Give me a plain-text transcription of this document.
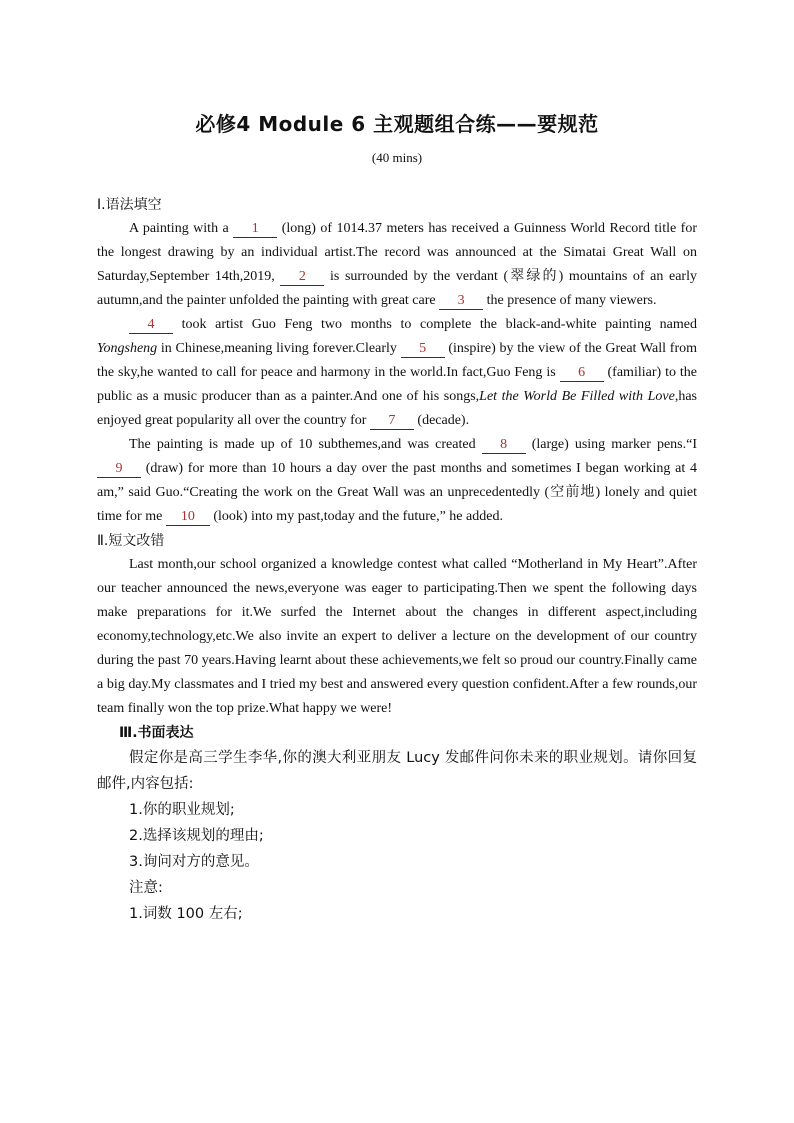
必修4 Module 6 主观题组合练——要规范
(40 mins)
Ⅰ.语法填空

A painting with a 1 (long) of 1014.37 meters has received a Guinness World Record title for the longest drawing by an individual artist.The record was announced at the Simatai Great Wall on Saturday,September 14th,2019, 2 is surrounded by the verdant (翠绿的) mountains of an early autumn,and the painter unfolded the painting with great care 3 the presence of many viewers.

4 took artist Guo Feng two months to complete the black-and-white painting named Yongsheng in Chinese,meaning living forever.Clearly 5 (inspire) by the view of the Great Wall from the sky,he wanted to call for peace and harmony in the world.In fact,Guo Feng is 6 (familiar) to the public as a music producer than as a painter.And one of his songs,Let the World Be Filled with Love,has enjoyed great popularity all over the country for 7 (decade).

The painting is made up of 10 subthemes,and was created 8 (large) using marker pens.“I 9 (draw) for more than 10 hours a day over the past months and sometimes I began working at 4 am,” said Guo.“Creating the work on the Great Wall was an unprecedentedly (空前地) lonely and quiet time for me 10 (look) into my past,today and the future,” he added.

Ⅱ.短文改错

Last month,our school organized a knowledge contest what called “Motherland in My Heart”.After our teacher announced the news,everyone was eager to participating.Then we spent the following days make preparations for it.We surfed the Internet about the changes in different aspect,including economy,technology,etc.We also invite an expert to deliver a lecture on the development of our country during the past 70 years.Having learnt about these achievements,we felt so proud our country.Finally came a big day.My classmates and I tried my best and answered every question confident.After a few rounds,our team finally won the top prize.What happy we were!

Ⅲ.书面表达

假定你是高三学生李华,你的澳大利亚朋友 Lucy 发邮件问你未来的职业规划。请你回复邮件,内容包括:

1.你的职业规划;
2.选择该规划的理由;
3.询问对方的意见。
注意:
1.词数 100 左右;
